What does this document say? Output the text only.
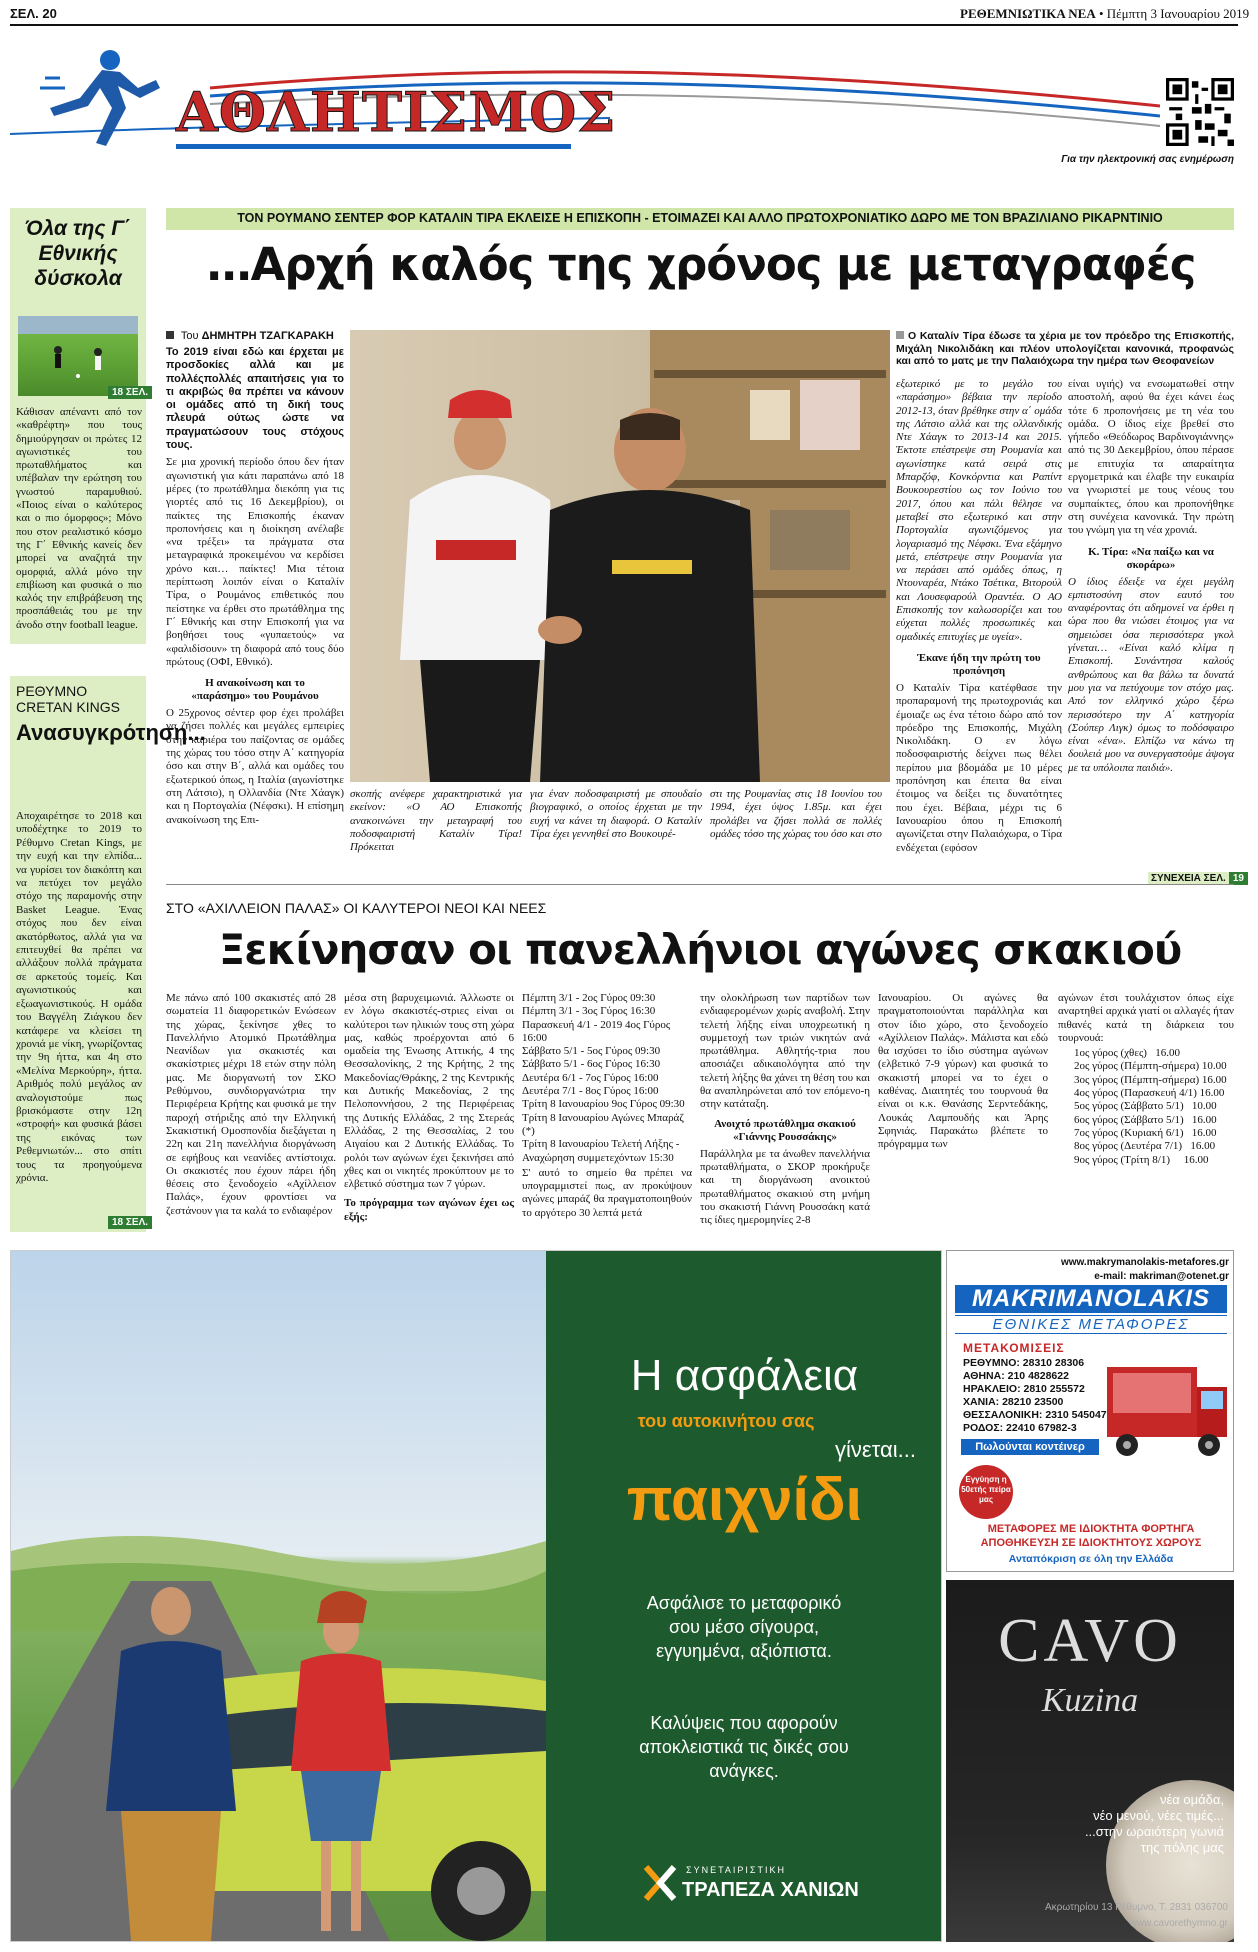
ΣΕΛ. 20	ΡΕΘΕΜΝΙΩΤΙΚΑ ΝΕΑ • Πέμπτη 3 Ιανουαρίου 2019
ΑΘΛΗΤΙΣΜΟΣ
Για την ηλεκτρονική σας ενημέρωση
Όλα της Γ΄ Εθνικής δύσκολα
18 ΣΕΛ.
Κάθισαν απέναντι από τον «καθρέφτη» που τους δημιούργησαν οι πρώτες 12 αγωνιστικές του πρωταθλήματος και υπέβαλαν την ερώτηση του γνωστού παραμυθιού. «Ποιος είναι ο καλύτερος και ο πιο όμορφος»; Μόνο που στον ρεαλιστικό κόσμο της Γ΄ Εθνικής κανείς δεν μπορεί να αναζητά την ομορφιά, αλλά μόνο την επιβίωση και φυσικά ο πιο καλός την επιβράβευση της προσπάθειάς του με την άνοδο στην football league.
ΡΕΘΥΜΝΟ CRETAN KINGS
Ανασυγκρότηση...
Αποχαιρέτησε το 2018 και υποδέχτηκε το 2019 το Ρέθυμνο Cretan Kings, με την ευχή και την ελπίδα... να γυρίσει τον διακόπτη και να πετύχει τον μεγάλο στόχο της παραμονής στην Basket League. Ένας στόχος που δεν είναι ακατόρθωτος, αλλά για να επιτευχθεί θα πρέπει να αλλάξουν πολλά πράγματα σε αρκετούς τομείς. Και αγωνιστικούς και εξωαγωνιστικούς. Η ομάδα του Βαγγέλη Ζιάγκου δεν κατάφερε να κλείσει τη χρονιά με νίκη, γνωρίζοντας την 9η ήττα, και 4η στο «Μελίνα Μερκούρη», ήττα. Αριθμός πολύ μεγάλος αν αναλογιστούμε πως βρισκόμαστε στην 12η «στροφή» και φυσικά βάσει της εικόνας των Ρεθεμνιωτών... στο σπίτι τους τα προηγούμενα χρόνια.
18 ΣΕΛ.
ΤΟΝ ΡΟΥΜΑΝΟ ΣΕΝΤΕΡ ΦΟΡ ΚΑΤΑΛΙΝ ΤΙΡΑ ΕΚΛΕΙΣΕ Η ΕΠΙΣΚΟΠΗ - ΕΤΟΙΜΑΖΕΙ ΚΑΙ ΑΛΛΟ ΠΡΩΤΟΧΡΟΝΙΑΤΙΚΟ ΔΩΡΟ ΜΕ ΤΟΝ ΒΡΑΖΙΛΙΑΝΟ ΡΙΚΑΡΝΤΙΝΙΟ
…Αρχή καλός της χρόνος με μεταγραφές
Του ΔΗΜΗΤΡΗ ΤΖΑΓΚΑΡΑΚΗ
Το 2019 είναι εδώ και έρχεται με προσδοκίες αλλά και με πολλέςπολλές απαιτήσεις για το τι ακριβώς θα πρέπει να κάνουν οι ομάδες από τη δική τους πλευρά ούτως ώστε να πραγματώσουν τους στόχους τους.
Σε μια χρονική περίοδο όπου δεν ήταν αγωνιστική για κάτι παραπάνω από 18 μέρες (το πρωτάθλημα διεκόπη για τις γιορτές από τις 16 Δεκεμβρίου), οι παίκτες της Επισκοπής έκαναν προπονήσεις και η διοίκηση ανέλαβε «να τρέξει» τα πράγματα στα μεταγραφικά προκειμένου να κερδίσει χρόνο και… παίκτες! Μια τέτοια περίπτωση λοιπόν είναι ο Καταλίν Τίρα, ο Ρουμάνος επιθετικός που πείστηκε να έρθει στο πρωτάθλημα της Γ΄ Εθνικής και στην Επισκοπή για να βοηθήσει τους «γυπαετούς» να «φαλιδίσουν» τη διαφορά από τους δύο πρώτους (ΟΦΙ, Εθνικό).
Η ανακοίνωση και το «παράσημο» του Ρουμάνου
Ο 25χρονος σέντερ φορ έχει προλάβει να ζήσει πολλές και μεγάλες εμπειρίες στην καριέρα του παίζοντας σε ομάδες της χώρας του τόσο στην Α΄ κατηγορία όσο και στην Β΄, αλλά και ομάδες του εξωτερικού όπως, η Ιταλία (αγωνίστηκε στη Λάτσιο), η Ολλανδία (Ντε Χάαγκ) και η Πορτογαλία (Νέφσκι). Η επίσημη ανακοίνωση της Επι-
σκοπής ανέφερε χαρακτηριστικά για εκείνον: «Ο ΑΟ Επισκοπής ανακοινώνει την μεταγραφή του ποδοσφαιριστή Καταλίν Τίρα! Πρόκειται
για έναν ποδοσφαιριστή με σπουδαίο βιογραφικό, ο οποίος έρχεται με την ευχή να κάνει τη διαφορά. Ο Καταλίν Τίρα έχει γεννηθεί στο Βουκουρέ-
στι της Ρουμανίας στις 18 Ιουνίου του 1994, έχει ύψος 1.85μ. και έχει προλάβει να ζήσει πολλά σε πολλές ομάδες τόσο της χώρας του όσο και στο
Ο Καταλίν Τίρα έδωσε τα χέρια με τον πρόεδρο της Επισκοπής, Μιχάλη Νικολιδάκη και πλέον υπολογίζεται κανονικά, προφανώς και από το ματς με την Παλαιόχωρα την ημέρα των Θεοφανείων
εξωτερικό με το μεγάλο του «παράσημο» βέβαια την περίοδο 2012-13, όταν βρέθηκε στην α΄ ομάδα της Λάτσιο αλλά και της ολλανδικής Ντε Χάαγκ το 2013-14 και 2015. Έκτοτε επέστρεψε στη Ρουμανία και αγωνίστηκε κατά σειρά στις Μπαρζόφ, Κονκόρντια και Ραπίντ Βουκουρεστίου ως τον Ιούνιο του 2017, όπου και πάλι θέλησε να μεταβεί στο εξωτερικό και στην Πορτογαλία αγωνιζόμενος για λογαριασμό της Νέφσκι. Ένα εξάμηνο μετά, επέστρεψε στην Ρουμανία για να περάσει από ομάδες όπως, η Ντουναρέα, Ντάκο Τσέτικα, Βιτορούλ και Λουσεφαρούλ Οραντέα. Ο ΑΟ Επισκοπής τον καλωσορίζει και του εύχεται πολλές προσωπικές και ομαδικές επιτυχίες με υγεία».
Έκανε ήδη την πρώτη του προπόνηση
Ο Καταλίν Τίρα κατέφθασε την προπαραμονή της πρωτοχρονιάς και έμοιαζε ως ένα τέτοιο δώρο από τον πρόεδρο της Επισκοπής, Μιχάλη Νικολιδάκη. Ο εν λόγω ποδοσφαιριστής δείχνει πως θέλει περίπου μια βδομάδα με 10 μέρες προπόνηση και έπειτα θα είναι έτοιμος να δείξει τις δυνατότητες που έχει. Βέβαια, μέχρι τις 6 Ιανουαρίου όπου η Επισκοπή αγωνίζεται στην Παλαιόχωρα, ο Τίρα ενδέχεται (εφόσον
είναι υγιής) να ενσωματωθεί στην αποστολή, αφού θα έχει κάνει έως τότε 6 προπονήσεις με τη νέα του ομάδα. Ο ίδιος είχε βρεθεί στο γήπεδο «Θεόδωρος Βαρδινογιάννης» από τις 30 Δεκεμβρίου, όπου πέρασε με επιτυχία τα απαραίτητα εργομετρικά και έλαβε την ευκαιρία να γνωριστεί με τους νέους του συμπαίκτες, όπου και προπονήθηκε στη συνέχεια κανονικά. Την πρώτη του γνώμη για τη νέα χρονιά.
Κ. Τίρα: «Να παίξω και να σκοράρω»
Ο ίδιος έδειξε να έχει μεγάλη εμπιστοσύνη στον εαυτό του αναφέροντας ότι αδημονεί να έρθει η ώρα που θα νιώσει έτοιμος για να σημειώσει όσα περισσότερα γκολ γίνεται… «Είναι καλό κλίμα η Επισκοπή. Συνάντησα καλούς ανθρώπους και θα βάλω τα δυνατά μου για να πετύχουμε τον στόχο μας. Από τον ελληνικό χώρο ξέρω περισσότερο την Α΄ κατηγορία (Σούπερ Λιγκ) όμως το ποδόσφαιρο είναι «ένα». Ελπίζω να κάνω τη δουλειά μου να συνεργαστούμε άψογα με τα υπόλοιπα παιδιά».
ΣΥΝΕΧΕΙΑ ΣΕΛ. 19
ΣΤΟ «ΑΧΙΛΛΕΙΟΝ ΠΑΛΑΣ» ΟΙ ΚΑΛΥΤΕΡΟΙ ΝΕΟΙ ΚΑΙ ΝΕΕΣ
Ξεκίνησαν οι πανελλήνιοι αγώνες σκακιού
Με πάνω από 100 σκακιστές από 28 σωματεία 11 διαφορετικών Ενώσεων της χώρας, ξεκίνησε χθες το Πανελλήνιο Ατομικό Πρωτάθλημα Νεανίδων για σκακιστές και σκακίστριες μέχρι 18 ετών στην πόλη μας. Με διοργανωτή τον ΣΚΟ Ρεθύμνου, συνδιοργανώτρια την Περιφέρεια Κρήτης και φυσικά με την παροχή στήριξης από την Ελληνική Σκακιστική Ομοσπονδία διεξάγεται η 22η και 21η πανελλήνια διοργάνωση σε εφήβους και νεανίδες αντίστοιχα. Οι σκακιστές που έχουν πάρει ήδη θέσεις στο ξενοδοχείο «Αχίλλειον Παλάς», έχουν φροντίσει να ζεστάνουν για τα καλά το ενδιαφέρον
μέσα στη βαρυχειμωνιά. Άλλωστε οι εν λόγω σκακιστές-στριες είναι οι καλύτεροι των ηλικιών τους στη χώρα μας, καθώς προέρχονται από 6 ομαδεία της Ένωσης Αττικής, 4 της Θεσσαλονίκης, 2 της Κρήτης, 2 της Μακεδονίας/Θράκης, 2 της Κεντρικής και Δυτικής Μακεδονίας, 2 της Πελοποννήσου, 2 της Περιφέρειας της Δυτικής Ελλάδας, 2 της Στερεάς Ελλάδας, 2 της Θεσσαλίας, 2 του Αιγαίου και 2 Δυτικής Ελλάδας. Το ρολόι των αγώνων έχει ξεκινήσει από χθες και οι νικητές προκύπτουν με το ελβετικό σύστημα των 7 γύρων.
Το πρόγραμμα των αγώνων έχει ως εξής:
Πέμπτη 3/1 - 2ος Γύρος 09:30
Πέμπτη 3/1 - 3ος Γύρος 16:30
Παρασκευή 4/1 - 2019 4ος Γύρος 16:00
Σάββατο 5/1 - 5ος Γύρος 09:30
Σάββατο 5/1 - 6ος Γύρος 16:30
Δευτέρα 6/1 - 7ος Γύρος 16:00
Δευτέρα 7/1 - 8ος Γύρος 16:00
Τρίτη 8 Ιανουαρίου 9ος Γύρος 09:30
Τρίτη 8 Ιανουαρίου Αγώνες Μπαράζ (*)
Τρίτη 8 Ιανουαρίου Τελετή Λήξης - Αναχώρηση συμμετεχόντων 15:30
Σ' αυτό το σημείο θα πρέπει να υπογραμμιστεί πως, αν προκύψουν αγώνες μπαράζ θα πραγματοποιηθούν το αργότερο 30 λεπτά μετά
την ολοκλήρωση των παρτίδων των ενδιαφερομένων χωρίς αναβολή. Στην τελετή λήξης είναι υποχρεωτική η συμμετοχή των τριών νικητών ανά πρωτάθλημα. Αθλητής-τρια που αποσιάζει αδικαιολόγητα από την τελετή λήξης θα χάνει τη θέση του και θα αναπληρώνεται από τον επόμενο-η στην κατάταξη.
Ανοιχτό πρωτάθλημα σκακιού «Γιάννης Ρουσσάκης»
Παράλληλα με τα άνωθεν πανελλήνια πρωταθλήματα, ο ΣΚΟΡ προκήρυξε και τη διοργάνωση ανοικτού πρωταθλήματος σκακιού στη μνήμη του σκακιστή Γιάννη Ρουσσάκη κατά τις ίδιες ημερομηνίες 2-8
Ιανουαρίου. Οι αγώνες θα πραγματοποιούνται παράλληλα και στον ίδιο χώρο, στο ξενοδοχείο «Αχίλλειον Παλάς». Μάλιστα και εδώ θα ισχύσει το ίδιο σύστημα αγώνων (ελβετικό 7-9 γύρων) και φυσικά το σκακιστή μπορεί να το έχει ο καθένας. Διαιτητές του τουρνουά θα είναι οι κ.κ. Θανάσης Σερντεδάκης, Λουκάς Λαμπουδής και Άρης Σφηνιάς. Παρακάτω βλέπετε το πρόγραμμα των
αγώνων έτσι τουλάχιστον όπως είχε αναρτηθεί αρχικά γιατί οι αλλαγές ήταν πιθανές κατά τη διάρκεια του τουρνουά:
1ος γύρος (χθες)   16.00
2ος γύρος (Πέμπτη-σήμερα) 10.00
3ος γύρος (Πέμπτη-σήμερα) 16.00
4ος γύρος (Παρασκευή 4/1) 16.00
5ος γύρος (Σάββατο 5/1)   10.00
6ος γύρος (Σάββατο 5/1)   16.00
7ος γύρος (Κυριακή 6/1)   16.00
8ος γύρος (Δευτέρα 7/1)   16.00
9ος γύρος (Τρίτη 8/1)     16.00
Η ασφάλεια
του αυτοκινήτου σας
γίνεται...
παιχνίδι
Ασφάλισε το μεταφορικό σου μέσο σίγουρα, εγγυημένα, αξιόπιστα.
Καλύψεις που αφορούν αποκλειστικά τις δικές σου ανάγκες.
ΣΥΝΕΤΑΙΡΙΣΤΙΚΗ
ΤΡΑΠΕΖΑ ΧΑΝΙΩΝ
www.makrymanolakis-metafores.gr
e-mail: makriman@otenet.gr
MAKRIMANOLAKIS
ΕΘΝΙΚΕΣ ΜΕΤΑΦΟΡΕΣ
ΜΕΤΑΚΟΜΙΣΕΙΣ
ΡΕΘΥΜΝΟ: 28310 28306
ΑΘΗΝΑ: 210 4828622
ΗΡΑΚΛΕΙΟ: 2810 255572
ΧΑΝΙΑ: 28210 23500
ΘΕΣΣΑΛΟΝΙΚΗ: 2310 545047
ΡΟΔΟΣ: 22410 67982-3
Πωλούνται κοντέινερ
Εγγύηση η 50ετής πείρα μας
ΜΕΤΑΦΟΡΕΣ ΜΕ ΙΔΙΟΚΤΗΤΑ ΦΟΡΤΗΓΑ
ΑΠΟΘΗΚΕΥΣΗ ΣΕ ΙΔΙΟΚΤΗΤΟΥΣ ΧΩΡΟΥΣ
Ανταπόκριση σε όλη την Ελλάδα
CAVO
Kuzina
νέα ομάδα,
νέο μενού, νέες τιμές...
...στην ωραιότερη γωνιά
της πόλης μας
Ακρωτηρίου 13 Ρέθυμνο, Τ. 2831 036700
www.cavorethymno.gr
